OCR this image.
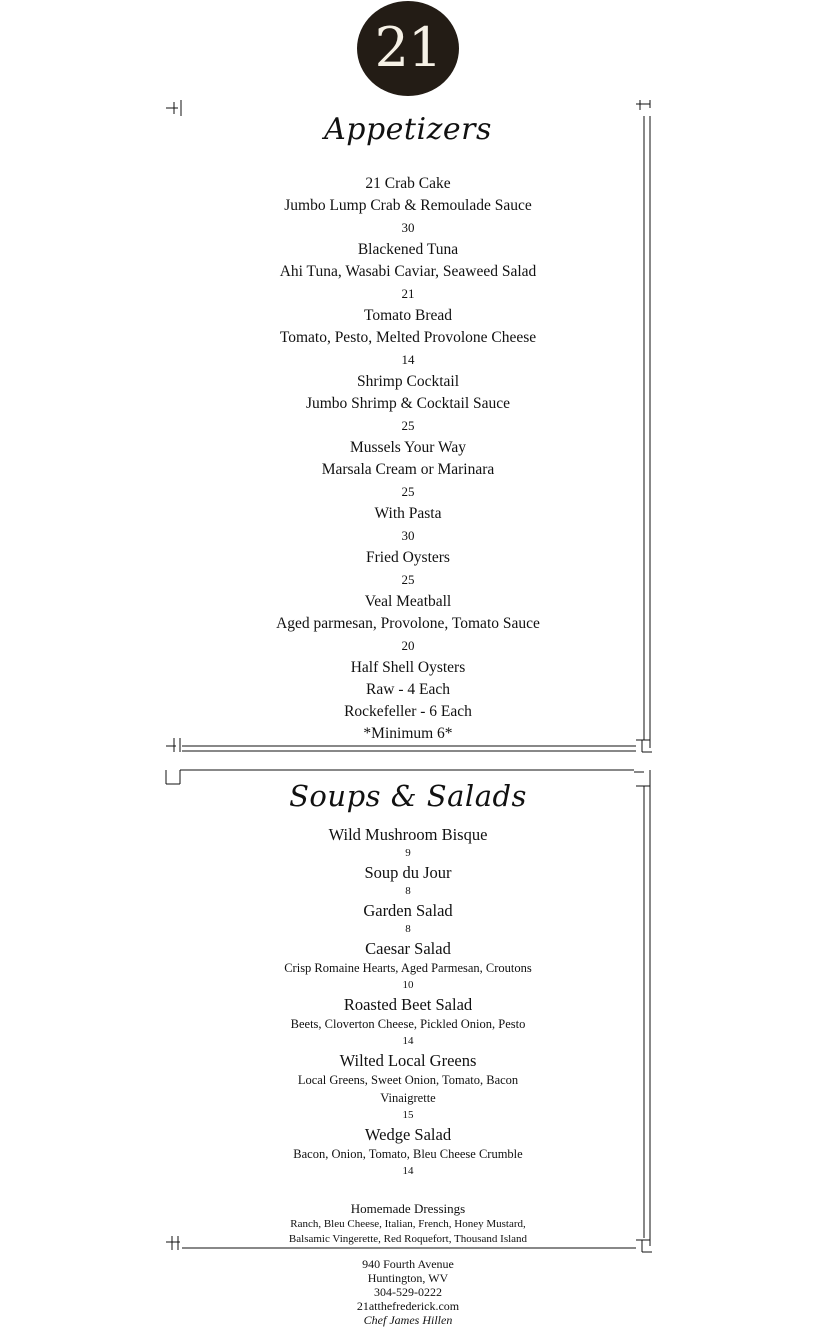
21
Appetizers
21 Crab Cake
Jumbo Lump Crab & Remoulade Sauce
30
Blackened Tuna
Ahi Tuna, Wasabi Caviar, Seaweed Salad
21
Tomato Bread
Tomato, Pesto, Melted Provolone Cheese
14
Shrimp Cocktail
Jumbo Shrimp & Cocktail Sauce
25
Mussels Your Way
Marsala Cream or Marinara
25
With Pasta
30
Fried Oysters
25
Veal Meatball
Aged parmesan, Provolone, Tomato Sauce
20
Half Shell Oysters
Raw - 4 Each
Rockefeller - 6 Each
*Minimum 6*
Soups & Salads
Wild Mushroom Bisque
9
Soup du Jour
8
Garden Salad
8
Caesar Salad
Crisp Romaine Hearts, Aged Parmesan, Croutons
10
Roasted Beet Salad
Beets, Cloverton Cheese, Pickled Onion, Pesto
14
Wilted Local Greens
Local Greens, Sweet Onion, Tomato, Bacon
Vinaigrette
15
Wedge Salad
Bacon, Onion, Tomato, Bleu Cheese Crumble
14
Homemade Dressings
Ranch, Bleu Cheese, Italian, French, Honey Mustard,
Balsamic Vingerette, Red Roquefort, Thousand Island
940 Fourth Avenue
Huntington, WV
304-529-0222
21atthefrederick.com
Chef James Hillen
